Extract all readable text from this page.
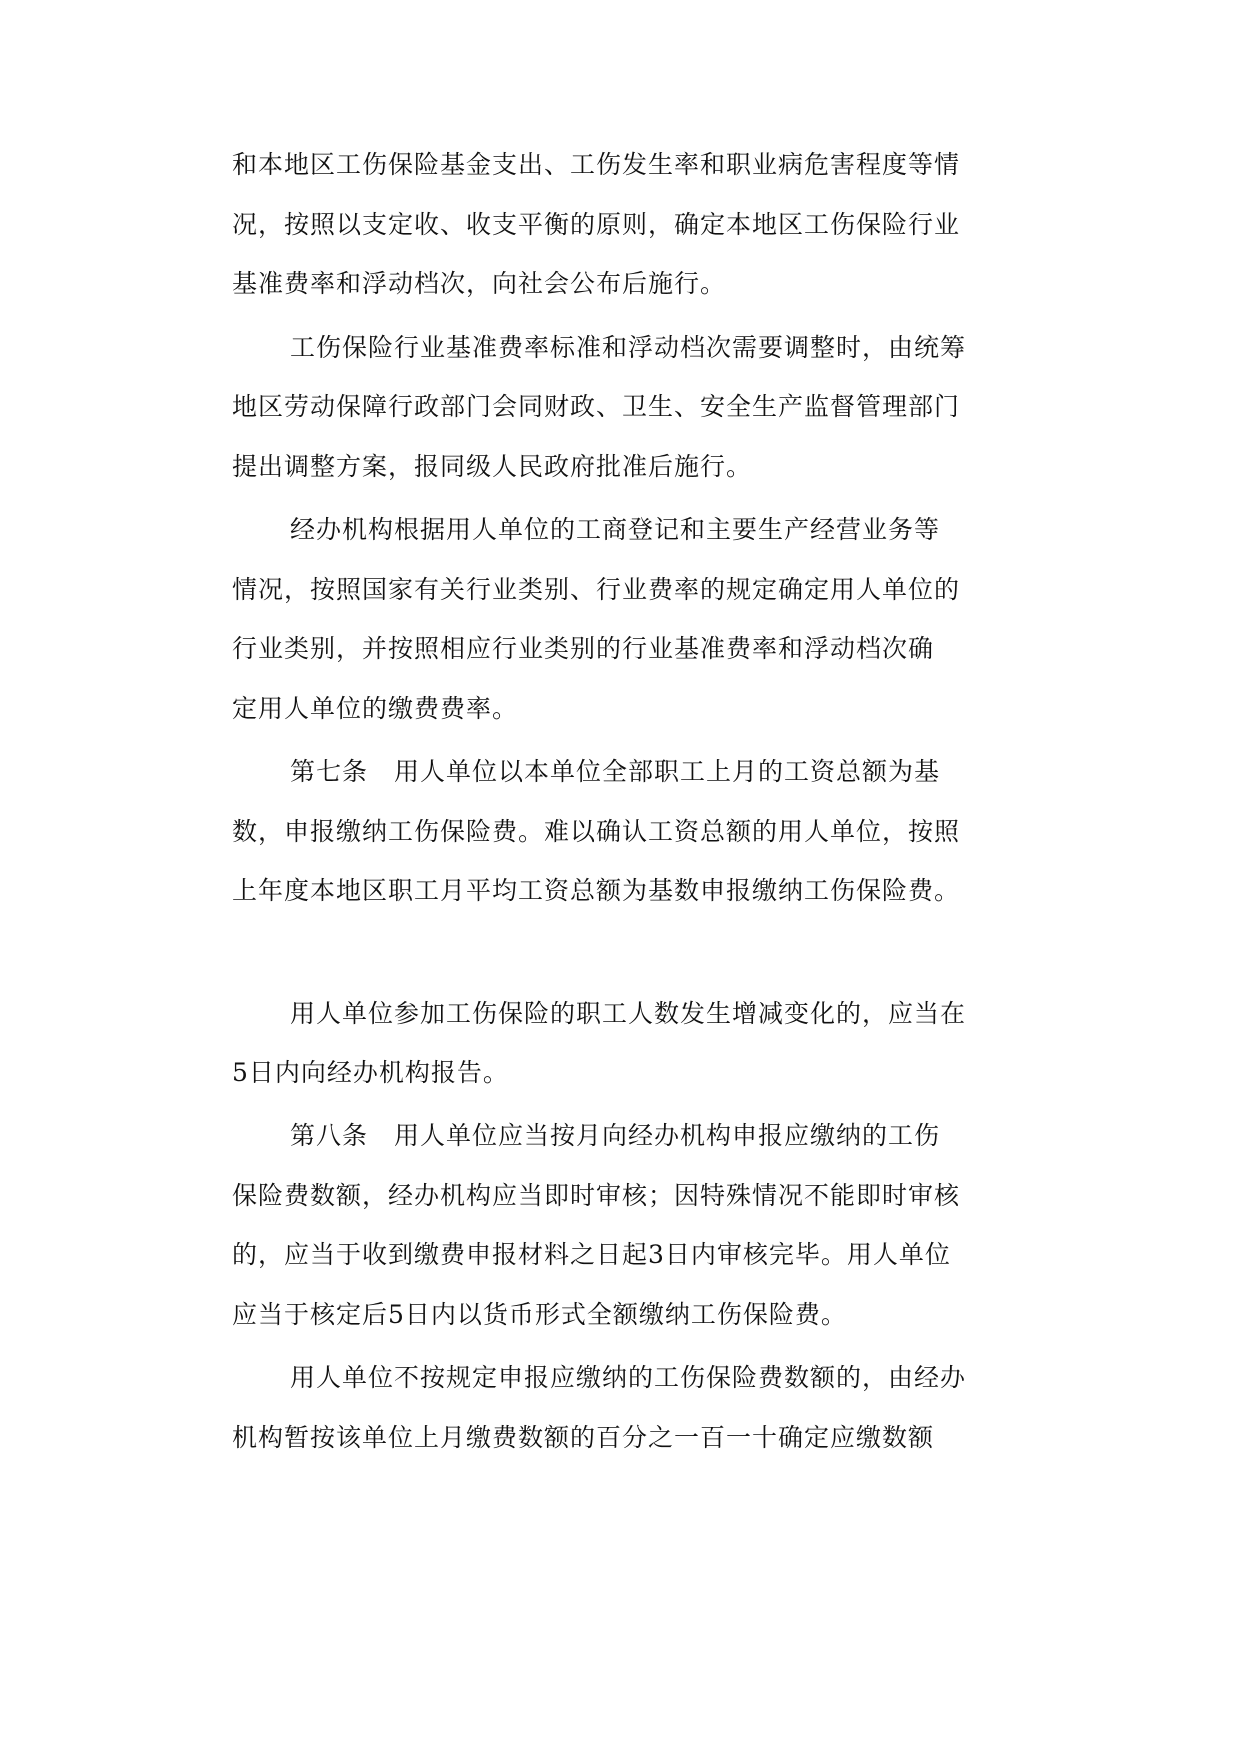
和本地区工伤保险基金支出、工伤发生率和职业病危害程度等情
况，按照以支定收、收支平衡的原则，确定本地区工伤保险行业
基准费率和浮动档次，向社会公布后施行。
工伤保险行业基准费率标准和浮动档次需要调整时，由统筹
地区劳动保障行政部门会同财政、卫生、安全生产监督管理部门
提出调整方案，报同级人民政府批准后施行。
经办机构根据用人单位的工商登记和主要生产经营业务等
情况，按照国家有关行业类别、行业费率的规定确定用人单位的
行业类别，并按照相应行业类别的行业基准费率和浮动档次确
定用人单位的缴费费率。
第七条　用人单位以本单位全部职工上月的工资总额为基
数，申报缴纳工伤保险费。难以确认工资总额的用人单位，按照
上年度本地区职工月平均工资总额为基数申报缴纳工伤保险费。
用人单位参加工伤保险的职工人数发生增减变化的，应当在
5日内向经办机构报告。
第八条　用人单位应当按月向经办机构申报应缴纳的工伤
保险费数额，经办机构应当即时审核；因特殊情况不能即时审核
的，应当于收到缴费申报材料之日起3日内审核完毕。用人单位
应当于核定后5日内以货币形式全额缴纳工伤保险费。
用人单位不按规定申报应缴纳的工伤保险费数额的，由经办
机构暂按该单位上月缴费数额的百分之一百一十确定应缴数额
